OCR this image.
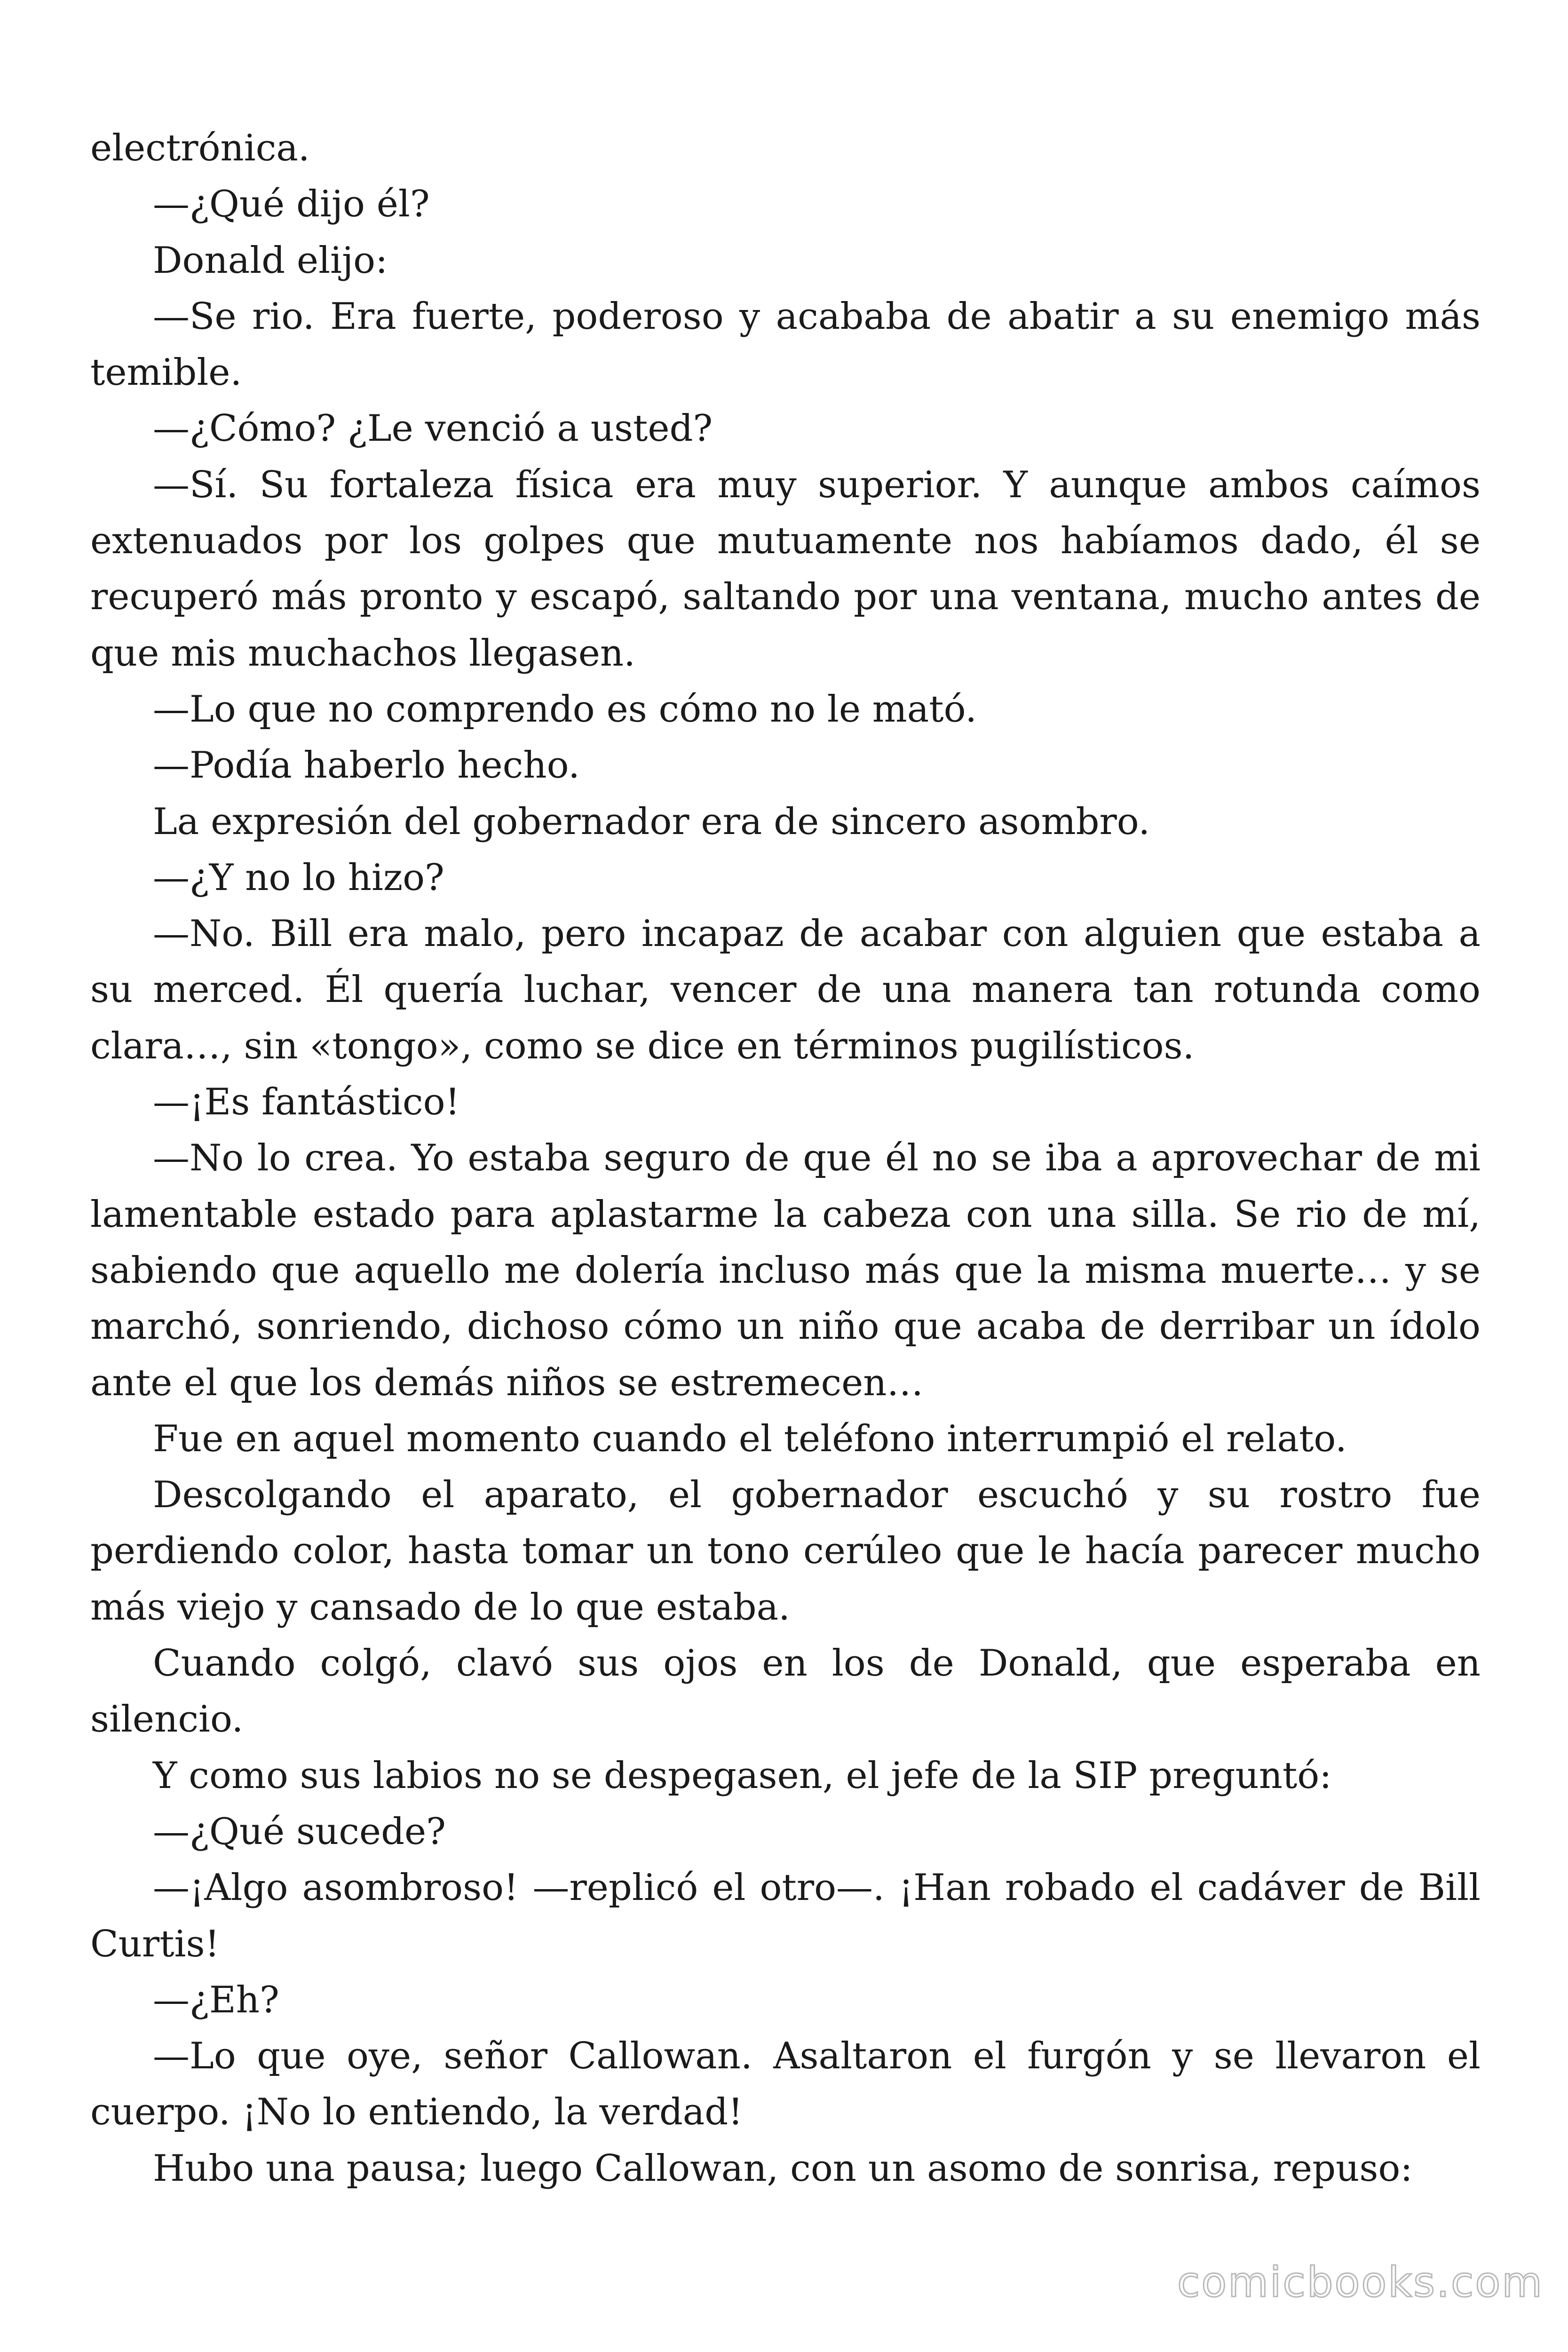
electrónica.

—¿Qué dijo él?

Donald elijo:

—Se rio. Era fuerte, poderoso y acababa de abatir a su enemigo más temible.

—¿Cómo? ¿Le venció a usted?

—Sí. Su fortaleza física era muy superior. Y aunque ambos caímos extenuados por los golpes que mutuamente nos habíamos dado, él se recuperó más pronto y escapó, saltando por una ventana, mucho antes de que mis muchachos llegasen.

—Lo que no comprendo es cómo no le mató.

—Podía haberlo hecho.

La expresión del gobernador era de sincero asombro.

—¿Y no lo hizo?

—No. Bill era malo, pero incapaz de acabar con alguien que estaba a su merced. Él quería luchar, vencer de una manera tan rotunda como clara…, sin «tongo», como se dice en términos pugilísticos.

—¡Es fantástico!

—No lo crea. Yo estaba seguro de que él no se iba a aprovechar de mi lamentable estado para aplastarme la cabeza con una silla. Se rio de mí, sabiendo que aquello me dolería incluso más que la misma muerte… y se marchó, sonriendo, dichoso cómo un niño que acaba de derribar un ídolo ante el que los demás niños se estremecen…

Fue en aquel momento cuando el teléfono interrumpió el relato.

Descolgando el aparato, el gobernador escuchó y su rostro fue perdiendo color, hasta tomar un tono cerúleo que le hacía parecer mucho más viejo y cansado de lo que estaba.

Cuando colgó, clavó sus ojos en los de Donald, que esperaba en silencio.

Y como sus labios no se despegasen, el jefe de la SIP preguntó:

—¿Qué sucede?

—¡Algo asombroso! —replicó el otro—. ¡Han robado el cadáver de Bill Curtis!

—¿Eh?

—Lo que oye, señor Callowan. Asaltaron el furgón y se llevaron el cuerpo. ¡No lo entiendo, la verdad!

Hubo una pausa; luego Callowan, con un asomo de sonrisa, repuso:

comicbooks.com
